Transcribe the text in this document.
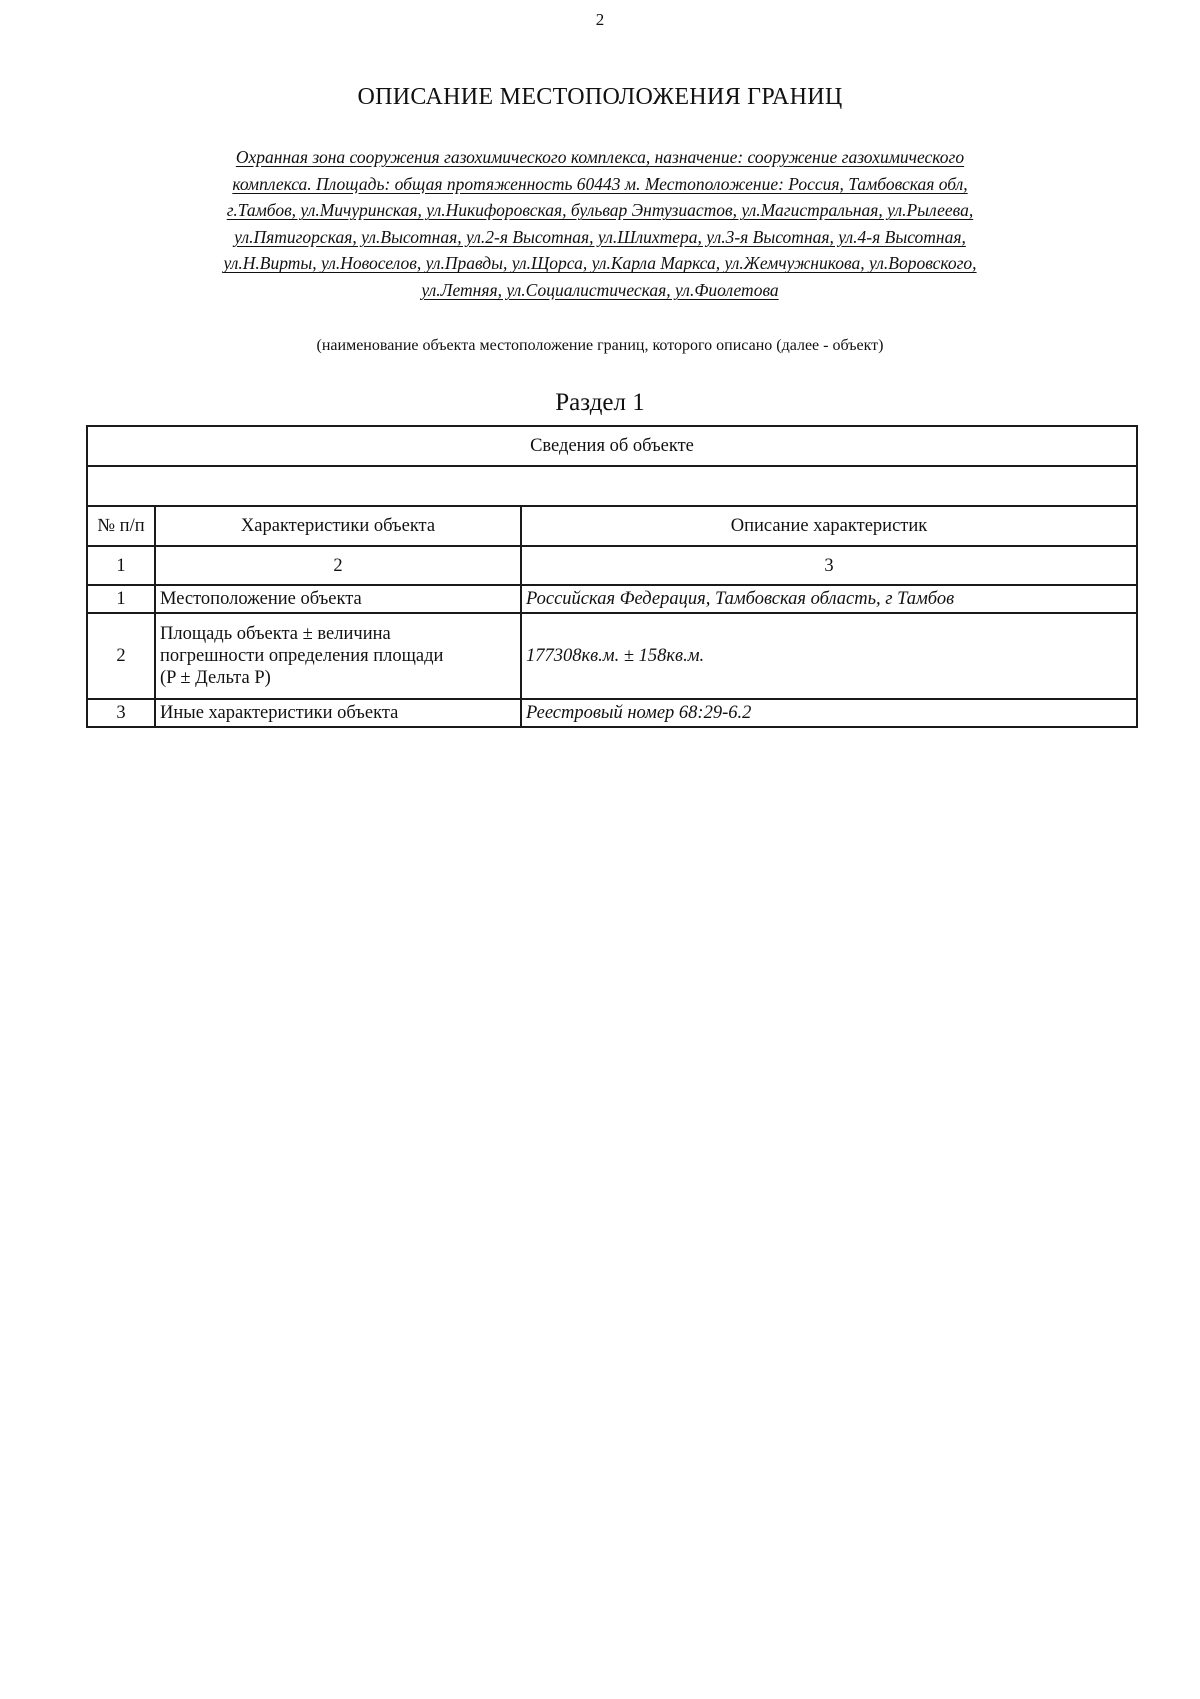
2
ОПИСАНИЕ МЕСТОПОЛОЖЕНИЯ ГРАНИЦ
Охранная зона сооружения газохимического комплекса, назначение: сооружение газохимического
комплекса. Площадь: общая протяженность 60443 м. Местоположение: Россия, Тамбовская обл,
г.Тамбов, ул.Мичуринская, ул.Никифоровская, бульвар Энтузиастов, ул.Магистральная, ул.Рылеева,
ул.Пятигорская, ул.Высотная, ул.2-я Высотная, ул.Шлихтера, ул.3-я Высотная, ул.4-я Высотная,
ул.Н.Вирты, ул.Новоселов, ул.Правды, ул.Щорса, ул.Карла Маркса, ул.Жемчужникова, ул.Воровского,
ул.Летняя, ул.Социалистическая, ул.Фиолетова
(наименование объекта местоположение границ, которого описано (далее - объект)
Раздел 1
Сведения об объекте		

№ п/п	Характеристики объекта	Описание характеристик
1	2	3
1	Местоположение объекта	Российская Федерация, Тамбовская область, г Тамбов
2	Площадь объекта ± величина
погрешности определения площади
(P ± Дельта P)	177308кв.м. ± 158кв.м.
3	Иные характеристики объекта	Реестровый номер 68:29-6.2
